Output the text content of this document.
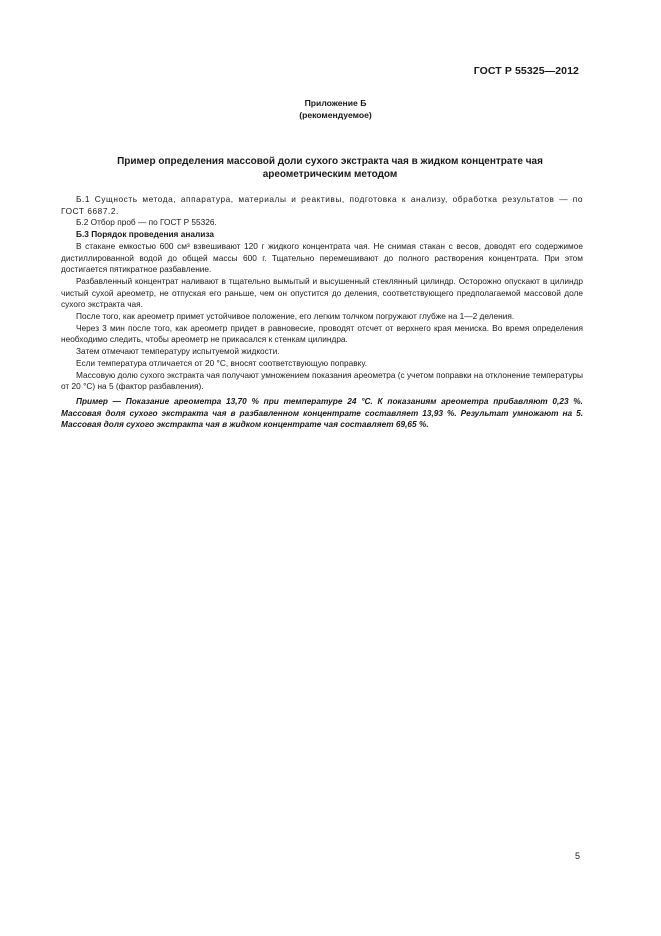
ГОСТ Р 55325—2012
Приложение Б
(рекомендуемое)
Пример определения массовой доли сухого экстракта чая в жидком концентрате чая
ареометрическим методом

Б.1 Сущность метода, аппаратура, материалы и реактивы, подготовка к анализу, обработка результатов — по ГОСТ 6687.2.

Б.2 Отбор проб — по ГОСТ Р 55326.

Б.3 Порядок проведения анализа

В стакане емкостью 600 см³ взвешивают 120 г жидкого концентрата чая. Не снимая стакан с весов, доводят его содержимое дистиллированной водой до общей массы 600 г. Тщательно перемешивают до полного растворения концентрата. При этом достигается пятикратное разбавление.

Разбавленный концентрат наливают в тщательно вымытый и высушенный стеклянный цилиндр. Осторожно опускают в цилиндр чистый сухой ареометр, не отпуская его раньше, чем он опустится до деления, соответствующего предполагаемой массовой доле сухого экстракта чая.

После того, как ареометр примет устойчивое положение, его легким толчком погружают глубже на 1—2 деления.

Через 3 мин после того, как ареометр придет в равновесие, проводят отсчет от верхнего края мениска. Во время определения необходимо следить, чтобы ареометр не прикасался к стенкам цилиндра.

Затем отмечают температуру испытуемой жидкости.

Если температура отличается от 20 °С, вносят соответствующую поправку.

Массовую долю сухого экстракта чая получают умножением показания ареометра (с учетом поправки на отклонение температуры от 20 °С) на 5 (фактор разбавления).

Пример — Показание ареометра 13,70 % при температуре 24 °С. К показаниям ареометра прибавляют 0,23 %. Массовая доля сухого экстракта чая в разбавленном концентрате составляет 13,93 %. Результат умножают на 5. Массовая доля сухого экстракта чая в жидком концентрате чая составляет 69,65 %.

5
